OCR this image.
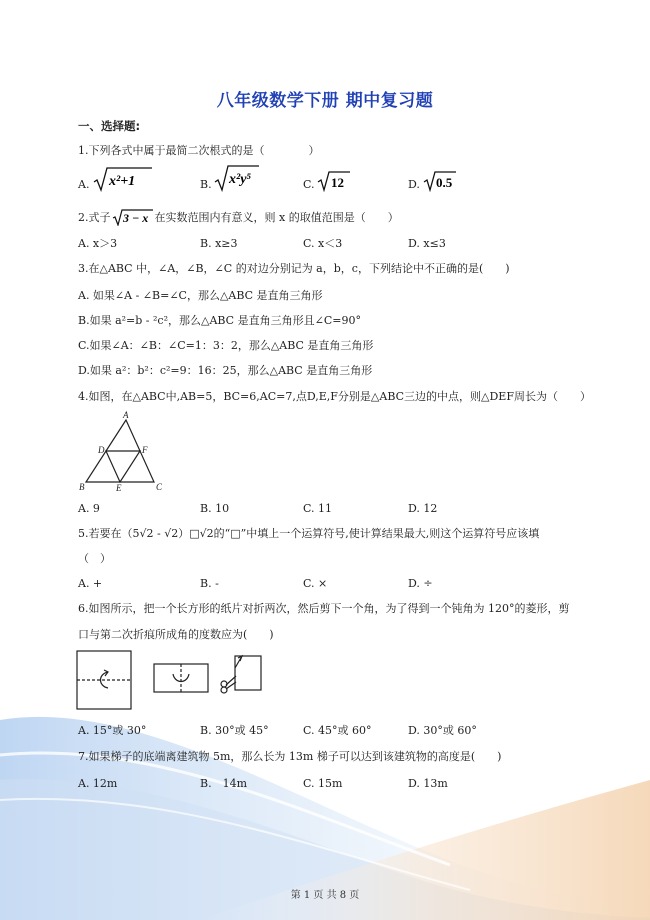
八年级数学下册 期中复习题
一、选择题:
1.下列各式中属于最简二次根式的是（　　　　）
A. x²+1	B. x²y⁵	C. 12	D. 0.5
2.式子 3 − x 在实数范围内有意义，则 x 的取值范围是（　　）
A. x＞3	B. x≥3	C. x＜3	D. x≤3
3.在△ABC 中，∠A，∠B，∠C 的对边分别记为 a，b，c，下列结论中不正确的是(　　)
A. 如果∠A - ∠B=∠C，那么△ABC 是直角三角形
B.如果 a²=b - ²c²，那么△ABC 是直角三角形且∠C=90°
C.如果∠A：∠B：∠C=1：3：2，那么△ABC 是直角三角形
D.如果 a²：b²：c²=9：16：25，那么△ABC 是直角三角形
4.如图，在△ABC中,AB=5，BC=6,AC=7,点D,E,F分别是△ABC三边的中点，则△DEF周长为（　　）
A
D	F
B	E	C
A. 9	B. 10	C. 11	D. 12
5.若要在（5√2 - √2）□√2的“□”中填上一个运算符号,使计算结果最大,则这个运算符号应该填
（　）
A. +	B. -	C. ×	D. ÷
6.如图所示，把一个长方形的纸片对折两次，然后剪下一个角，为了得到一个钝角为 120°的菱形，剪
口与第二次折痕所成角的度数应为(　　)
A. 15°或 30°	B. 30°或 45°	C. 45°或 60°	D. 30°或 60°
7.如果梯子的底端离建筑物 5m，那么长为 13m 梯子可以达到该建筑物的高度是(　　)
A. 12m	B.　14m	C. 15m	D. 13m
第 1 页 共 8 页
